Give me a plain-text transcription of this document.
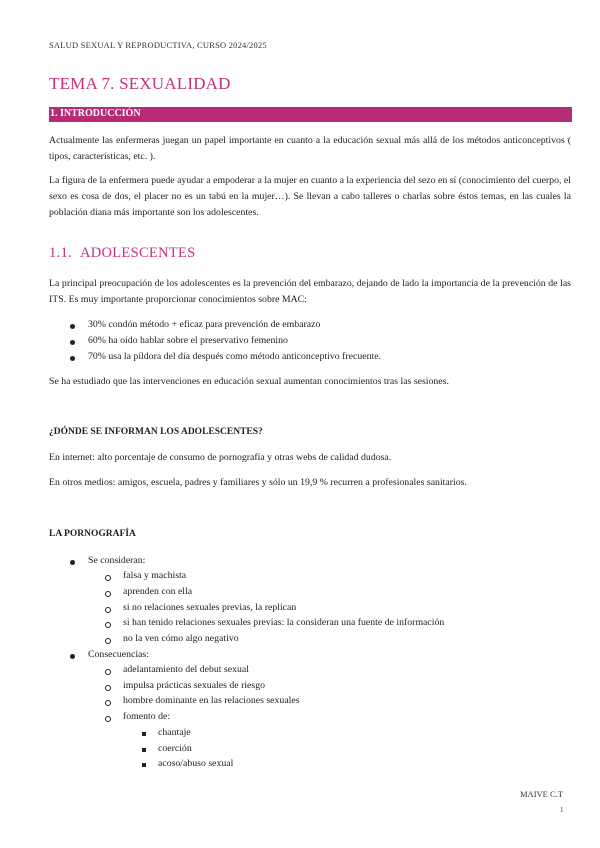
SALUD SEXUAL Y REPRODUCTIVA, CURSO 2024/2025
TEMA 7. SEXUALIDAD
1. INTRODUCCIÓN

Actualmente las enfermeras juegan un papel importante en cuanto a la educación sexual más allá de los métodos anticonceptivos ( tipos, características, etc. ).

La figura de la enfermera puede ayudar a empoderar a la mujer en cuanto a la experiencia del sezo en sí (conocimiento del cuerpo, el sexo es cosa de dos, el placer no es un tabú en la mujer…). Se llevan a cabo talleres o charlas sobre éstos temas, en las cuales la población diana más importante son los adolescentes.

1.1. ADOLESCENTES

La principal preocupación de los adolescentes es la prevención del embarazo, dejando de lado la importancia de la prevención de las ITS. Es muy importante proporcionar conocimientos sobre MAC:

30% condón método + eficaz para prevención de embarazo
60% ha oído hablar sobre el preservativo femenino
70% usa la píldora del día después como método anticonceptivo frecuente.

Se ha estudiado que las intervenciones en educación sexual aumentan conocimientos tras las sesiones.

¿DÓNDE SE INFORMAN LOS ADOLESCENTES?

En internet: alto porcentaje de consumo de pornografía y otras webs de calidad dudosa.

En otros medios: amigos, escuela, padres y familiares y sólo un 19,9 % recurren a profesionales sanitarios.

LA PORNOGRAFÍA
Se consideran:
falsa y machista
aprenden con ella
si no relaciones sexuales previas, la replican
si han tenido relaciones sexuales previas: la consideran una fuente de información
no la ven cómo algo negativo
Consecuencias:
adelantamiento del debut sexual
impulsa prácticas sexuales de riesgo
hombre dominante en las relaciones sexuales
fomento de:
chantaje
coerción
acoso/abuso sexual
MAIVE C.T
1
